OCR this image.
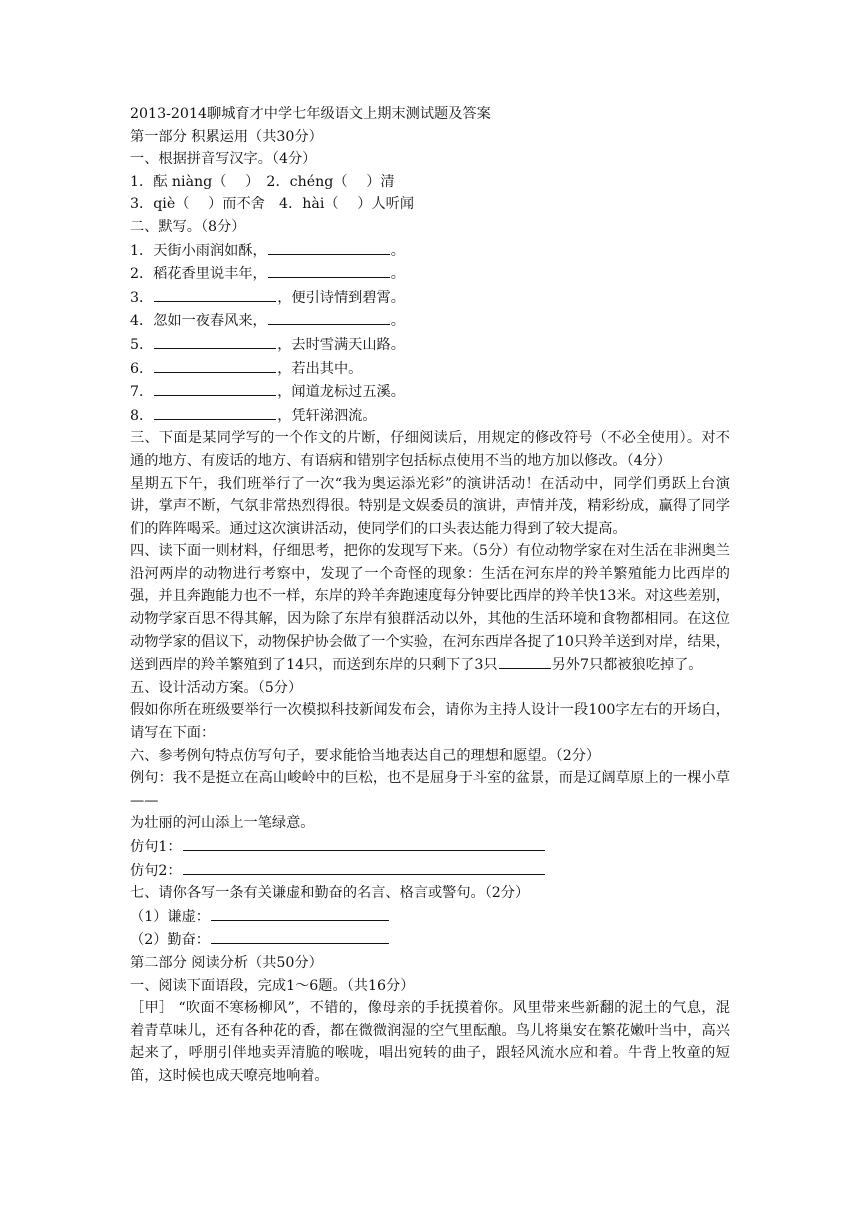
2013-2014聊城育才中学七年级语文上期末测试题及答案

第一部分 积累运用（共30分）

一、根据拼音写汉字。（4分）

1．酝 niàng（　 ）　2．chéng（　 ）清

3．qiè（　 ）而不舍　4．hài（　 ）人听闻

二、默写。（8分）

1．天街小雨润如酥，	。

2．稻花香里说丰年，	。

3．	，便引诗情到碧霄。

4．忽如一夜春风来，	。

5．	，去时雪满天山路。

6．	，若出其中。

7．	，闻道龙标过五溪。

8．	，凭轩涕泗流。

三、下面是某同学写的一个作文的片断，仔细阅读后，用规定的修改符号（不必全使用）。对不通的地方、有废话的地方、有语病和错别字包括标点使用不当的地方加以修改。（4分）

星期五下午，我们班举行了一次“我为奥运添光彩”的演讲活动！在活动中，同学们勇跃上台演讲，掌声不断，气氛非常热烈得很。特别是文娱委员的演讲，声情并茂，精彩纷成，赢得了同学们的阵阵喝采。通过这次演讲活动，使同学们的口头表达能力得到了较大提高。

四、读下面一则材料，仔细思考，把你的发现写下来。（5分）有位动物学家在对生活在非洲奥兰沿河两岸的动物进行考察中，发现了一个奇怪的现象：生活在河东岸的羚羊繁殖能力比西岸的强，并且奔跑能力也不一样，东岸的羚羊奔跑速度每分钟要比西岸的羚羊快13米。对这些差别，动物学家百思不得其解，因为除了东岸有狼群活动以外，其他的生活环境和食物都相同。在这位动物学家的倡议下，动物保护协会做了一个实验，在河东西岸各捉了10只羚羊送到对岸，结果，送到西岸的羚羊繁殖到了14只，而送到东岸的只剩下了3只	另外7只都被狼吃掉了。

五、设计活动方案。（5分）

假如你所在班级要举行一次模拟科技新闻发布会，请你为主持人设计一段100字左右的开场白，请写在下面：

六、参考例句特点仿写句子，要求能恰当地表达自己的理想和愿望。（2分）

例句：我不是挺立在高山峻岭中的巨松，也不是屈身于斗室的盆景，而是辽阔草原上的一棵小草——

为壮丽的河山添上一笔绿意。

仿句1：

仿句2：

七、请你各写一条有关谦虚和勤奋的名言、格言或警句。（2分）

（1）谦虚：

（2）勤奋：

第二部分 阅读分析（共50分）

一、阅读下面语段，完成1～6题。（共16分）

［甲］ “吹面不寒杨柳风”，不错的，像母亲的手抚摸着你。风里带来些新翻的泥土的气息，混着青草味儿，还有各种花的香，都在微微润湿的空气里酝酿。鸟儿将巢安在繁花嫩叶当中，高兴起来了，呼朋引伴地卖弄清脆的喉咙，唱出宛转的曲子，跟轻风流水应和着。牛背上牧童的短笛，这时候也成天嘹亮地响着。
